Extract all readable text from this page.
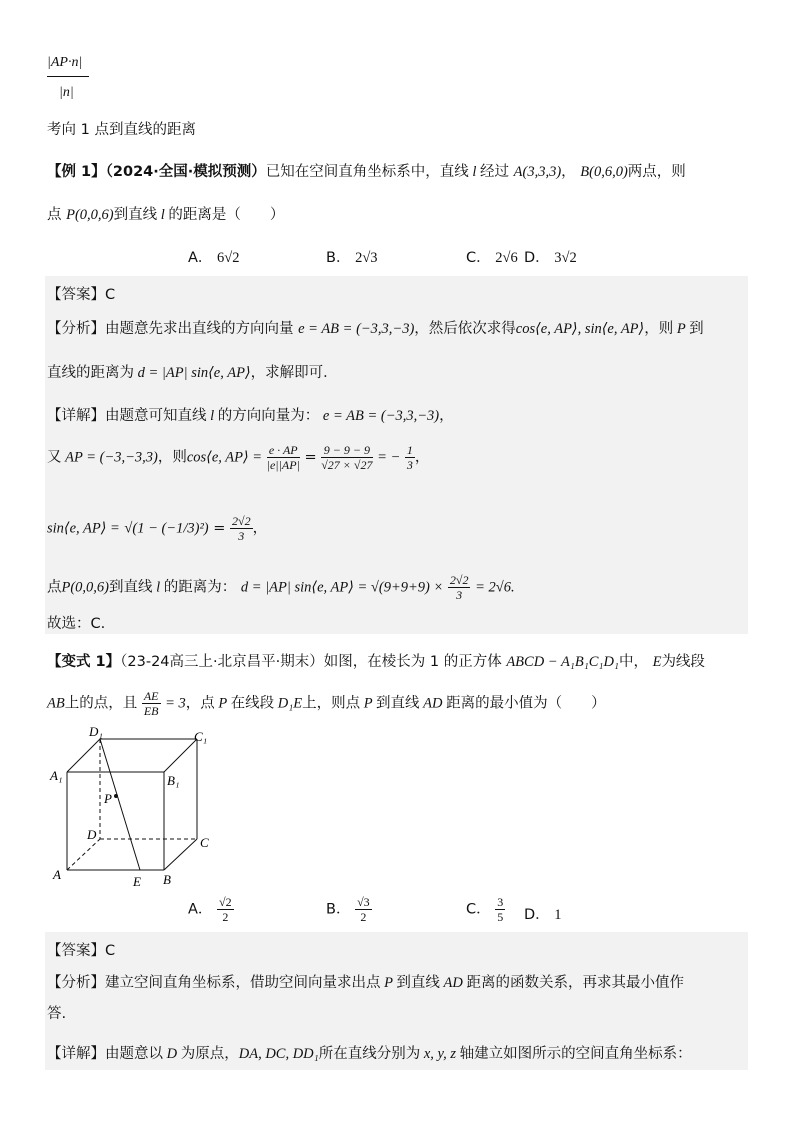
|AP·n|
|n|
考向 1 点到直线的距离
【例 1】（2024·全国·模拟预测）已知在空间直角坐标系中，直线 l 经过 A(3,3,3)， B(0,6,0)两点，则
点 P(0,0,6)到直线 l 的距离是（　　）
A． 6√2	B． 2√3	C． 2√6 D． 3√2
【答案】C
【分析】由题意先求出直线的方向向量 e = AB = (−3,3,−3)，然后依次求得cos⟨e, AP⟩, sin⟨e, AP⟩，则 P 到
直线的距离为 d = |AP| sin⟨e, AP⟩，求解即可．
【详解】由题意可知直线 l 的方向向量为： e = AB = (−3,3,−3)，
又 AP = (−3,−3,3)，则cos⟨e, AP⟩ = $\frac{e \cdot AP}{|e||AP|} = \frac{9 - 9 - 9}{√27 \times √27}$ = − $\frac{1}{3}$ ，
sin⟨e, AP⟩ = $√(1 - (-1/3)^2) = \frac{2√2}{3}$ ，
点P(0,0,6)到直线 l 的距离为： d = |AP| sin⟨e, AP⟩ = $√(9+9+9) \times \frac{2√2}{3} = 2√6$.
故选：C.
【变式 1】（23-24高三上·北京昌平·期末）如图，在棱长为 1 的正方体 ABCD − A₁B₁C₁D₁中， E为线段
AB上的点，且 $\frac{AE}{EB} = 3$，点 P 在线段 D₁E上，则点 P 到直线 AD 距离的最小值为（　　）
D₁	C₁
A₁	B₁
P
D
C
A	E B
A． $\frac{√2}{2}$	B． $\frac{√3}{2}$	C． $\frac{3}{5}$ D． 1
【答案】C
【分析】建立空间直角坐标系，借助空间向量求出点 P 到直线 AD 距离的函数关系，再求其最小值作
答.
【详解】由题意以 D 为原点，DA, DC, DD₁所在直线分别为 x, y, z 轴建立如图所示的空间直角坐标系：
